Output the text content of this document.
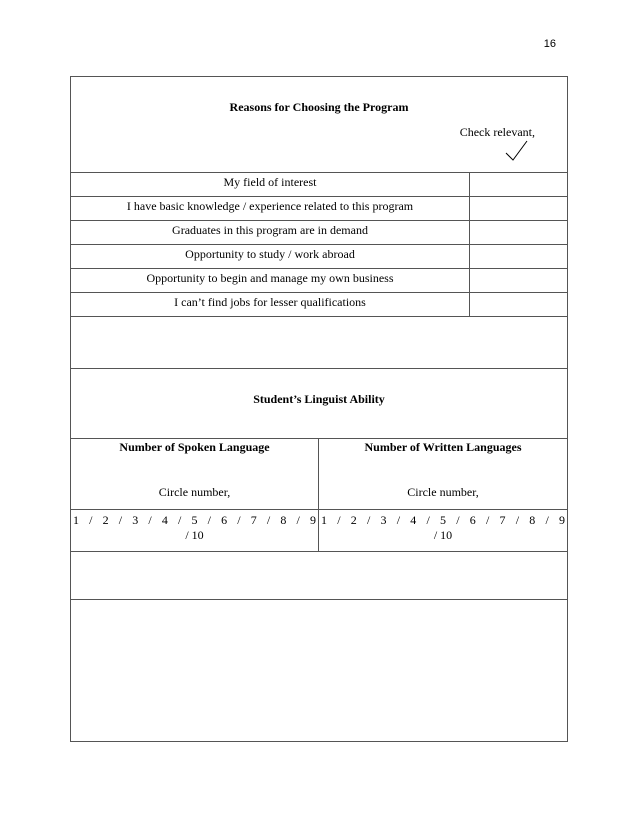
16
Reasons for Choosing the Program
Check relevant,
My field of interest
I have basic knowledge / experience related to this program
Graduates in this program are in demand
Opportunity to study / work abroad
Opportunity to begin and manage my own business
I can’t find jobs for lesser qualifications
Student’s Linguist Ability
Number of Spoken Language
Circle number,
Number of Written Languages
Circle number,
1 / 2 / 3 / 4 / 5 / 6 / 7 / 8 / 9
/ 10
1 / 2 / 3 / 4 / 5 / 6 / 7 / 8 / 9
/ 10
